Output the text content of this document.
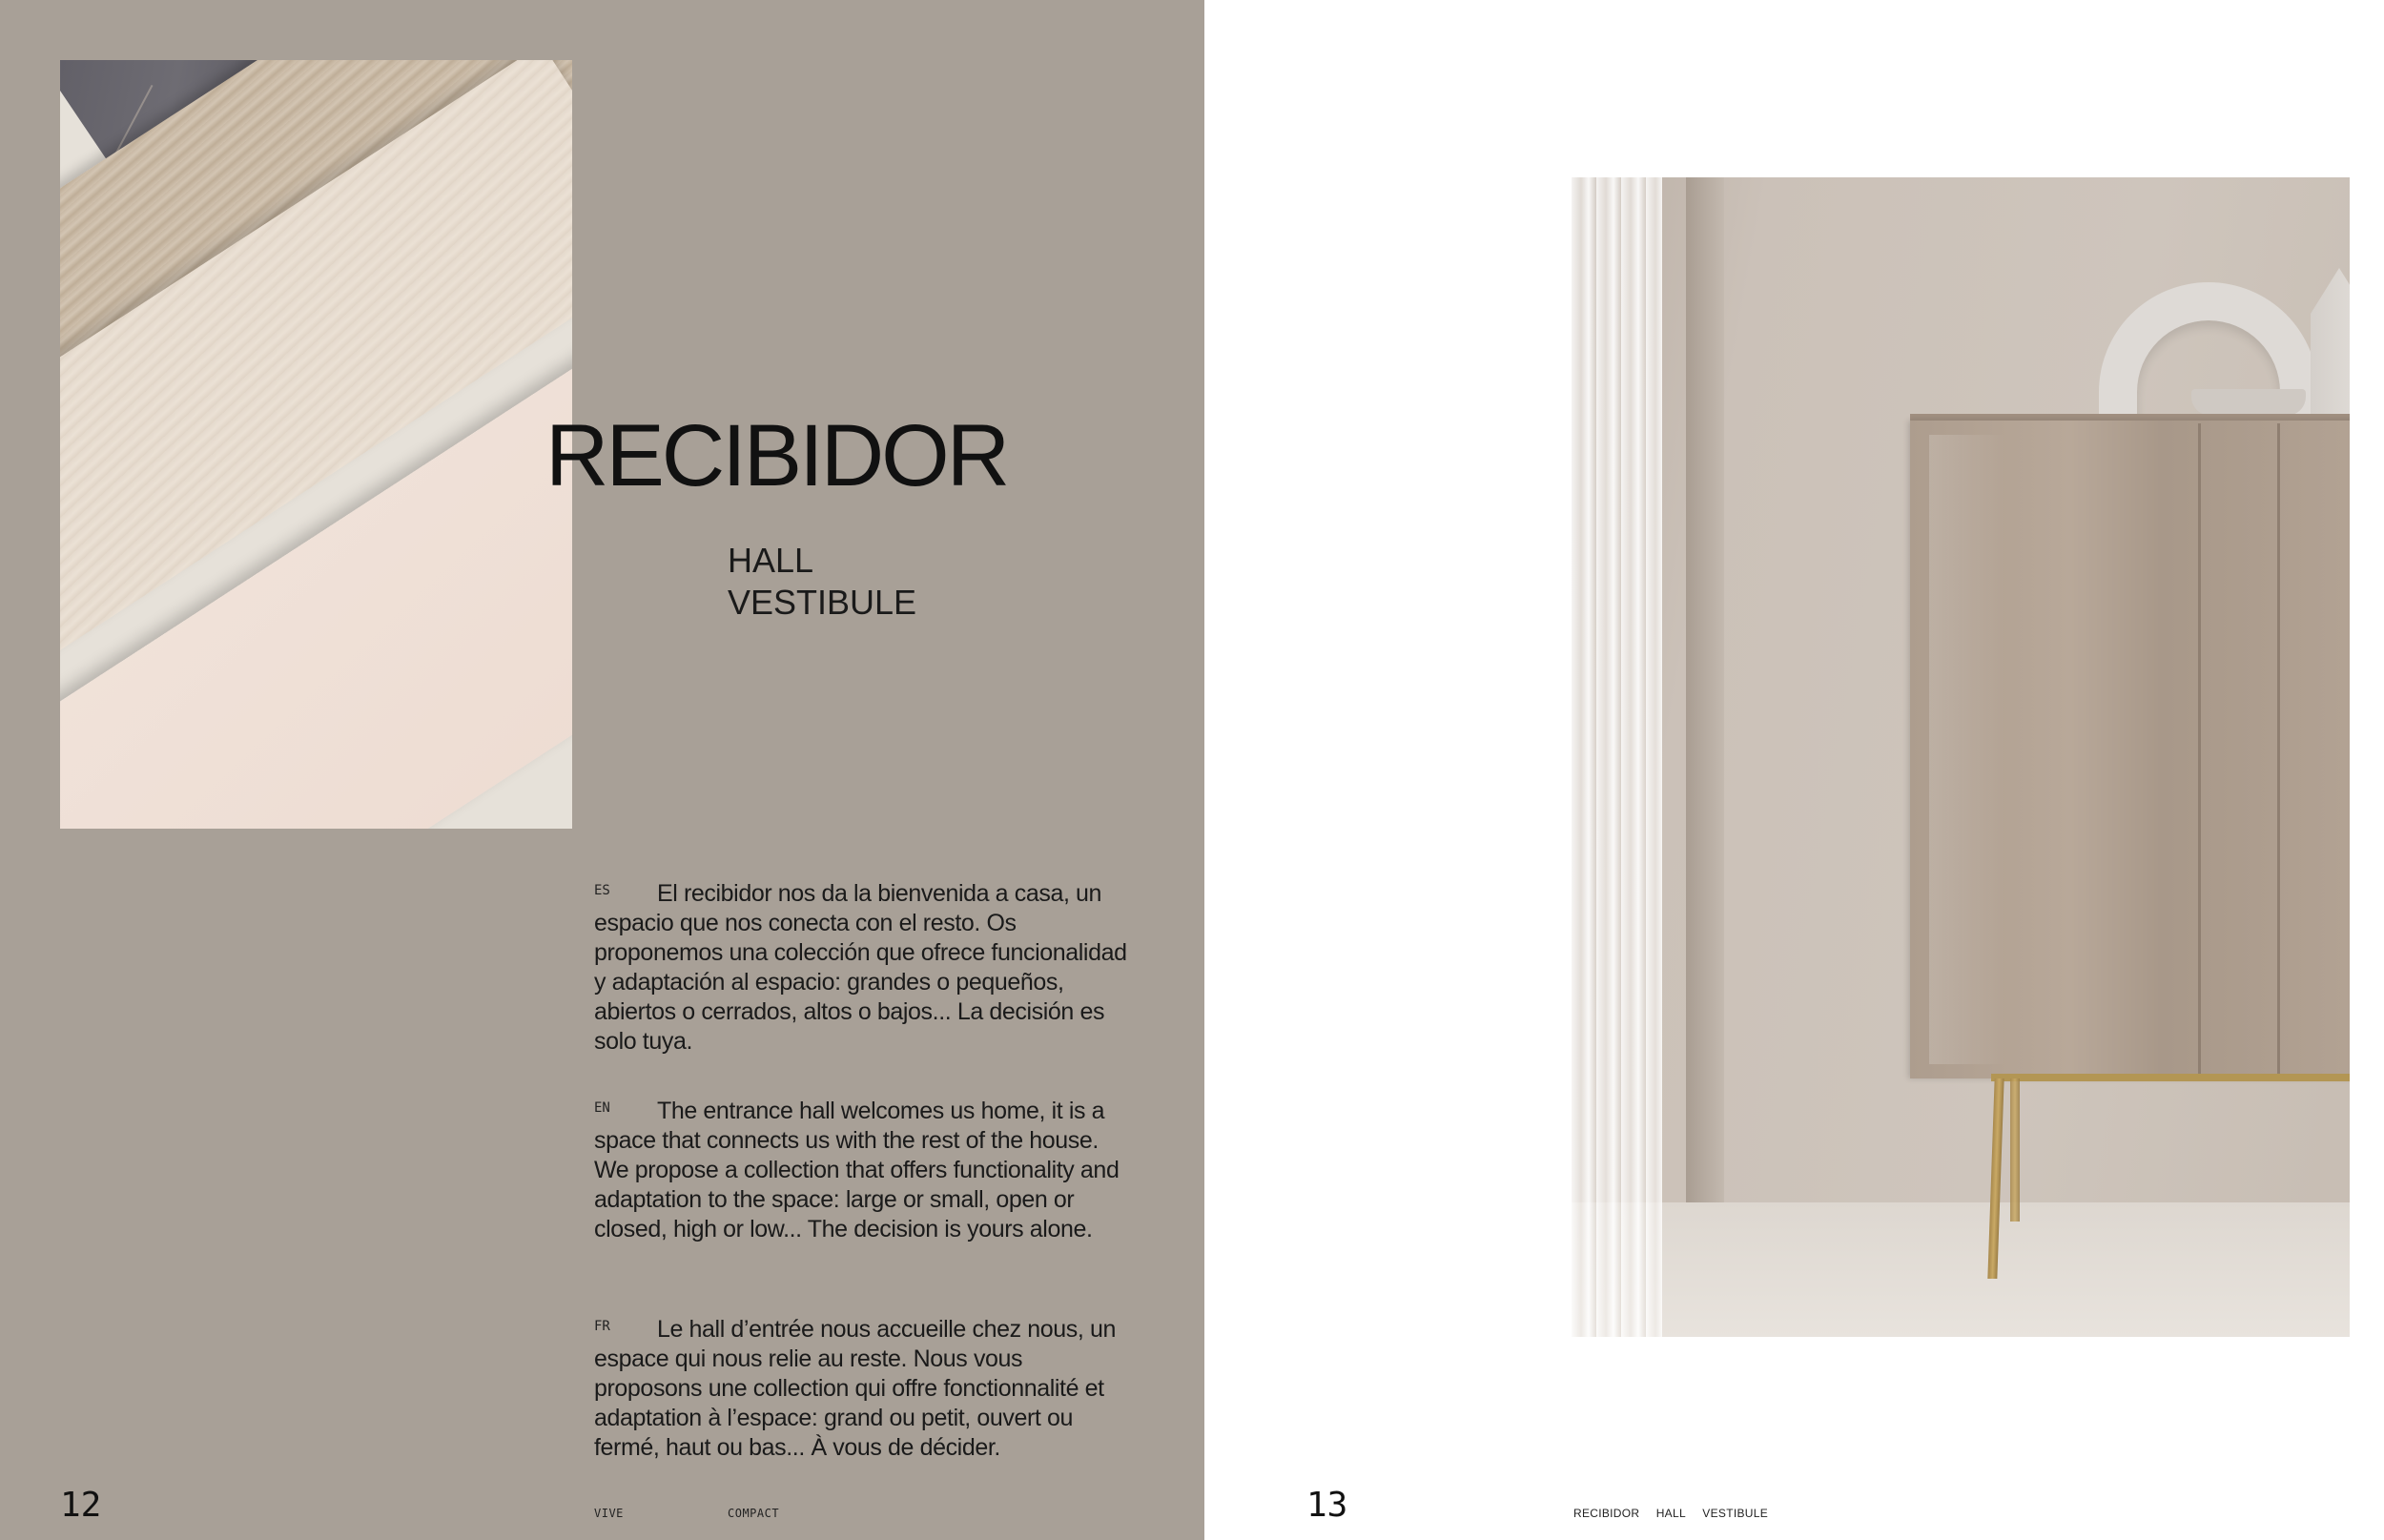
RECIBIDOR
HALL
VESTIBULE
ES	El recibidor nos da la bienvenida a casa, un espacio que nos conecta con el resto. Os proponemos una colección que ofrece funcionalidad y adaptación al espacio: grandes o pequeños, abiertos o cerrados, altos o bajos... La decisión es solo tuya.

EN	The entrance hall welcomes us home, it is a space that connects us with the rest of the house. We propose a collection that offers functionality and adaptation to the space: large or small, open or closed, high or low... The decision is yours alone.

FR	Le hall d’entrée nous accueille chez nous, un espace qui nous relie au reste. Nous vous proposons une collection qui offre fonctionnalité et adaptation à l’espace: grand ou petit, ouvert ou fermé, haut ou bas... À vous de décider.

12	VIVE	COMPACT	13	RECIBIDOR HALL VESTIBULE
